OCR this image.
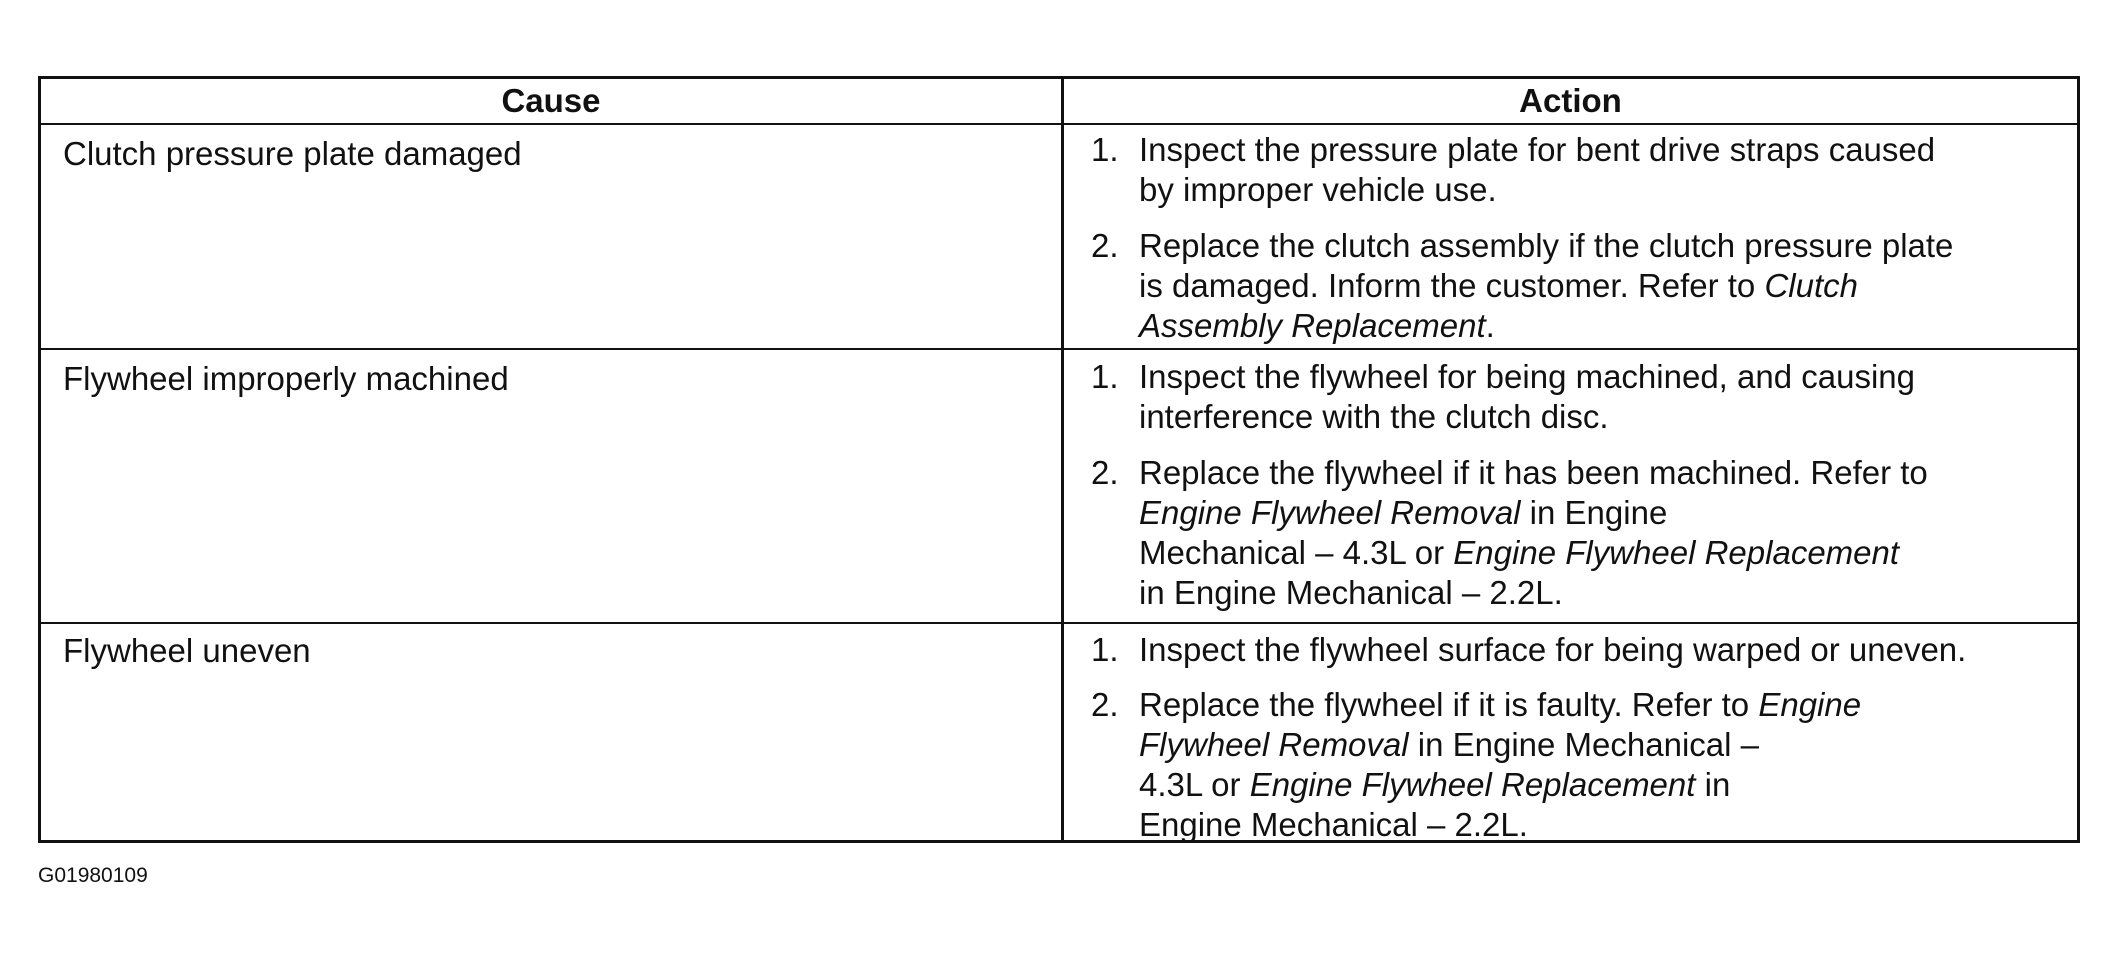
Cause	Action
Clutch pressure plate damaged	1. Inspect the pressure plate for bent drive straps caused
by improper vehicle use.
2. Replace the clutch assembly if the clutch pressure plate
is damaged. Inform the customer. Refer to Clutch
Assembly Replacement.
Flywheel improperly machined	1. Inspect the flywheel for being machined, and causing
interference with the clutch disc.
2. Replace the flywheel if it has been machined. Refer to
Engine Flywheel Removal in Engine
Mechanical – 4.3L or Engine Flywheel Replacement
in Engine Mechanical – 2.2L.
Flywheel uneven	1. Inspect the flywheel surface for being warped or uneven.
2. Replace the flywheel if it is faulty. Refer to Engine
Flywheel Removal in Engine Mechanical –
4.3L or Engine Flywheel Replacement in
Engine Mechanical – 2.2L.
G01980109
